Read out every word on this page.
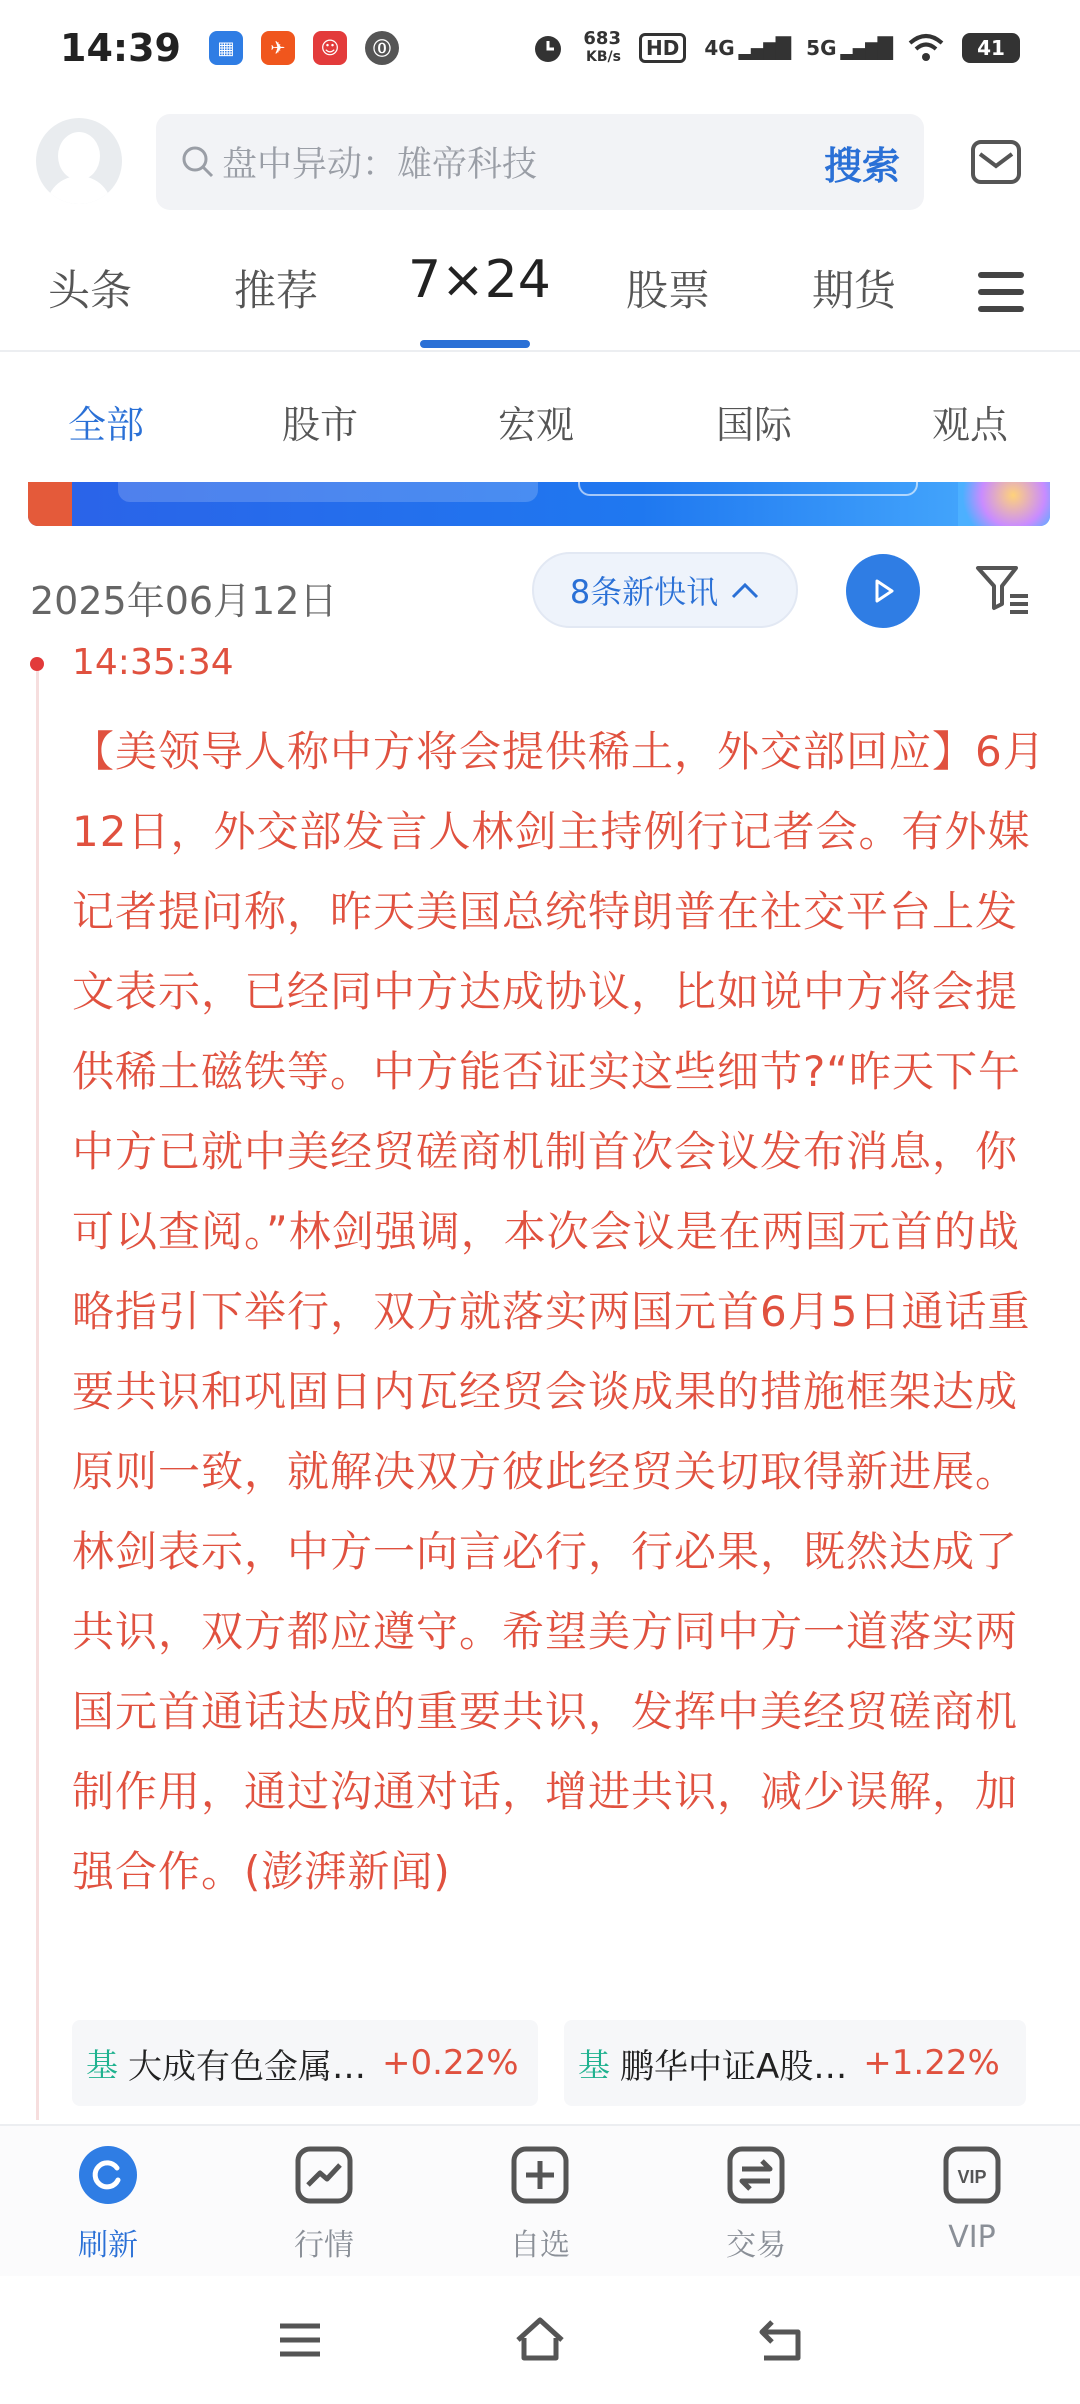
14:39	▦	✈	☺	⓪
683
KB/s	HD	4G ▂▄▆█ 5G ▂▄▆█	41
盘中异动：雄帝科技	搜索
头条 推荐 7×24 股票 期货
全部	股市	宏观	国际	观点
2025年06月12日	8条新快讯
14:35:34
【美领导人称中方将会提供稀土，外交部回应】6月12日，外交部发言人林剑主持例行记者会。有外媒记者提问称，昨天美国总统特朗普在社交平台上发文表示，已经同中方达成协议，比如说中方将会提供稀土磁铁等。中方能否证实这些细节?“昨天下午中方已就中美经贸磋商机制首次会议发布消息，你可以查阅。”林剑强调，本次会议是在两国元首的战略指引下举行，双方就落实两国元首6月5日通话重要共识和巩固日内瓦经贸会谈成果的措施框架达成原则一致，就解决双方彼此经贸关切取得新进展。林剑表示，中方一向言必行，行必果，既然达成了共识，双方都应遵守。希望美方同中方一道落实两国元首通话达成的重要共识，发挥中美经贸磋商机制作用，通过沟通对话，增进共识，减少误解，加强合作。(澎湃新闻)
基 大成有色金属… +0.22% 基 鹏华中证A股… +1.22%
刷新	行情	自选	交易
VIP
VIP
